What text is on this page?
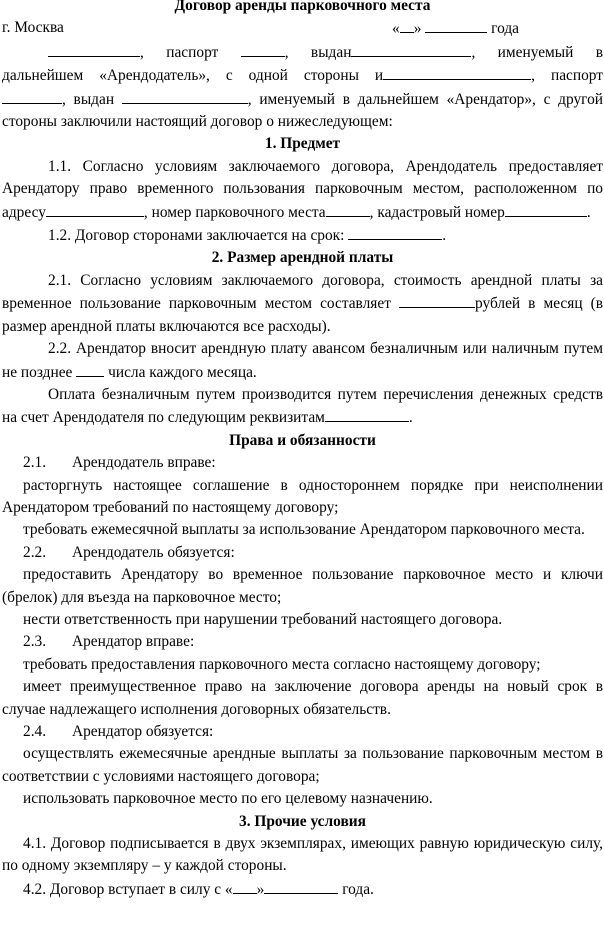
Договор аренды парковочного места
г. Москва	« »	года
, паспорт	, выдан	, именуемый в
дальнейшем «Арендодатель», с одной стороны и	, паспорт
, выдан	, именуемый в дальнейшем «Арендатор», с другой стороны заключили настоящий договор о нижеследующем:
1. Предмет
1.1. Согласно условиям заключаемого договора, Арендодатель предоставляет Арендатору право временного пользования парковочным местом, расположенном по адресу	, номер парковочного места	, кадастровый номер	.
1.2. Договор сторонами заключается на срок:	.
2. Размер арендной платы
2.1. Согласно условиям заключаемого договора, стоимость арендной платы за временное пользование парковочным местом составляет	рублей в месяц (в размер арендной платы включаются все расходы).
2.2. Арендатор вносит арендную плату авансом безналичным или наличным путем не позднее числа каждого месяца.
Оплата безналичным путем производится путем перечисления денежных средств на счет Арендодателя по следующим реквизитам	.
Права и обязанности
2.1.	Арендодатель вправе:
расторгнуть настоящее соглашение в одностороннем порядке при неисполнении Арендатором требований по настоящему договору;
требовать ежемесячной выплаты за использование Арендатором парковочного места.
2.2.	Арендодатель обязуется:
предоставить Арендатору во временное пользование парковочное место и ключи (брелок) для въезда на парковочное место;
нести ответственность при нарушении требований настоящего договора.
2.3.	Арендатор вправе:
требовать предоставления парковочного места согласно настоящему договору;
имеет преимущественное право на заключение договора аренды на новый срок в случае надлежащего исполнения договорных обязательств.
2.4.	Арендатор обязуется:
осуществлять ежемесячные арендные выплаты за пользование парковочным местом в соответствии с условиями настоящего договора;
использовать парковочное место по его целевому назначению.
3. Прочие условия
4.1. Договор подписывается в двух экземплярах, имеющих равную юридическую силу, по одному экземпляру – у каждой стороны.
4.2. Договор вступает в силу с « »	года.
